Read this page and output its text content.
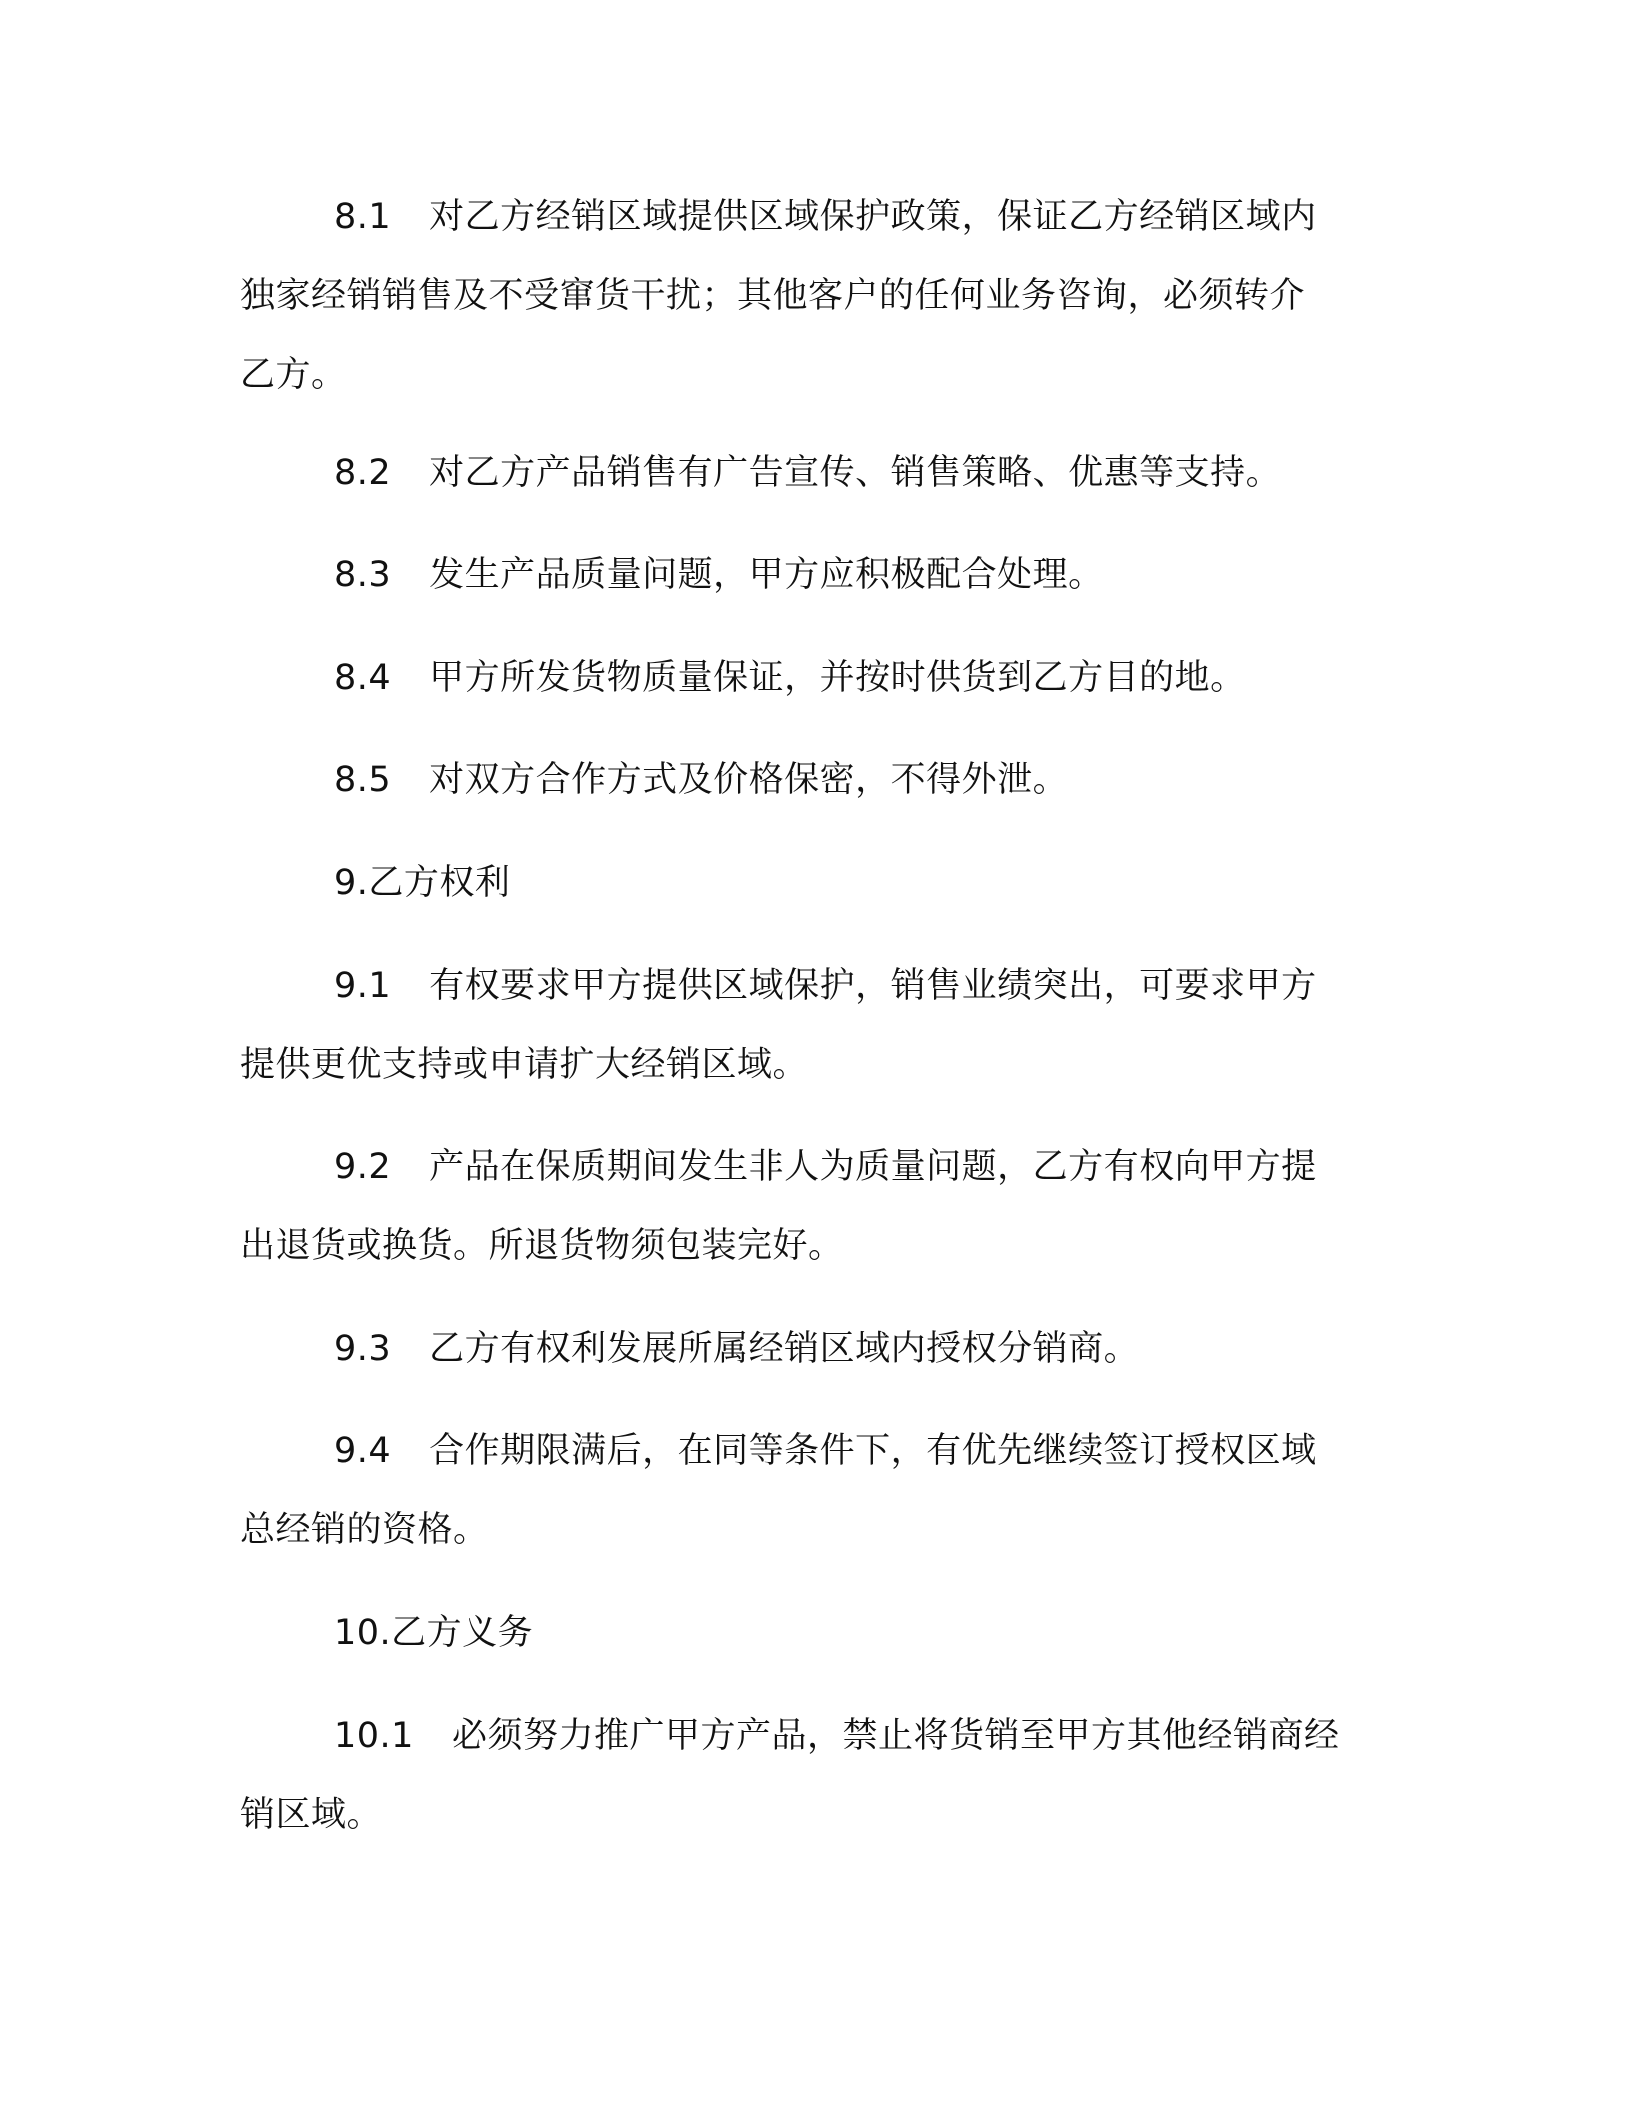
8.1 对乙方经销区域提供区域保护政策，保证乙方经销区域内
独家经销销售及不受窜货干扰；其他客户的任何业务咨询，必须转介
乙方。
8.2 对乙方产品销售有广告宣传、销售策略、优惠等支持。
8.3 发生产品质量问题，甲方应积极配合处理。
8.4 甲方所发货物质量保证，并按时供货到乙方目的地。
8.5 对双方合作方式及价格保密，不得外泄。
9.乙方权利
9.1 有权要求甲方提供区域保护，销售业绩突出，可要求甲方
提供更优支持或申请扩大经销区域。
9.2 产品在保质期间发生非人为质量问题，乙方有权向甲方提
出退货或换货。所退货物须包装完好。
9.3 乙方有权利发展所属经销区域内授权分销商。
9.4 合作期限满后，在同等条件下，有优先继续签订授权区域
总经销的资格。
10.乙方义务
10.1 必须努力推广甲方产品，禁止将货销至甲方其他经销商经
销区域。
